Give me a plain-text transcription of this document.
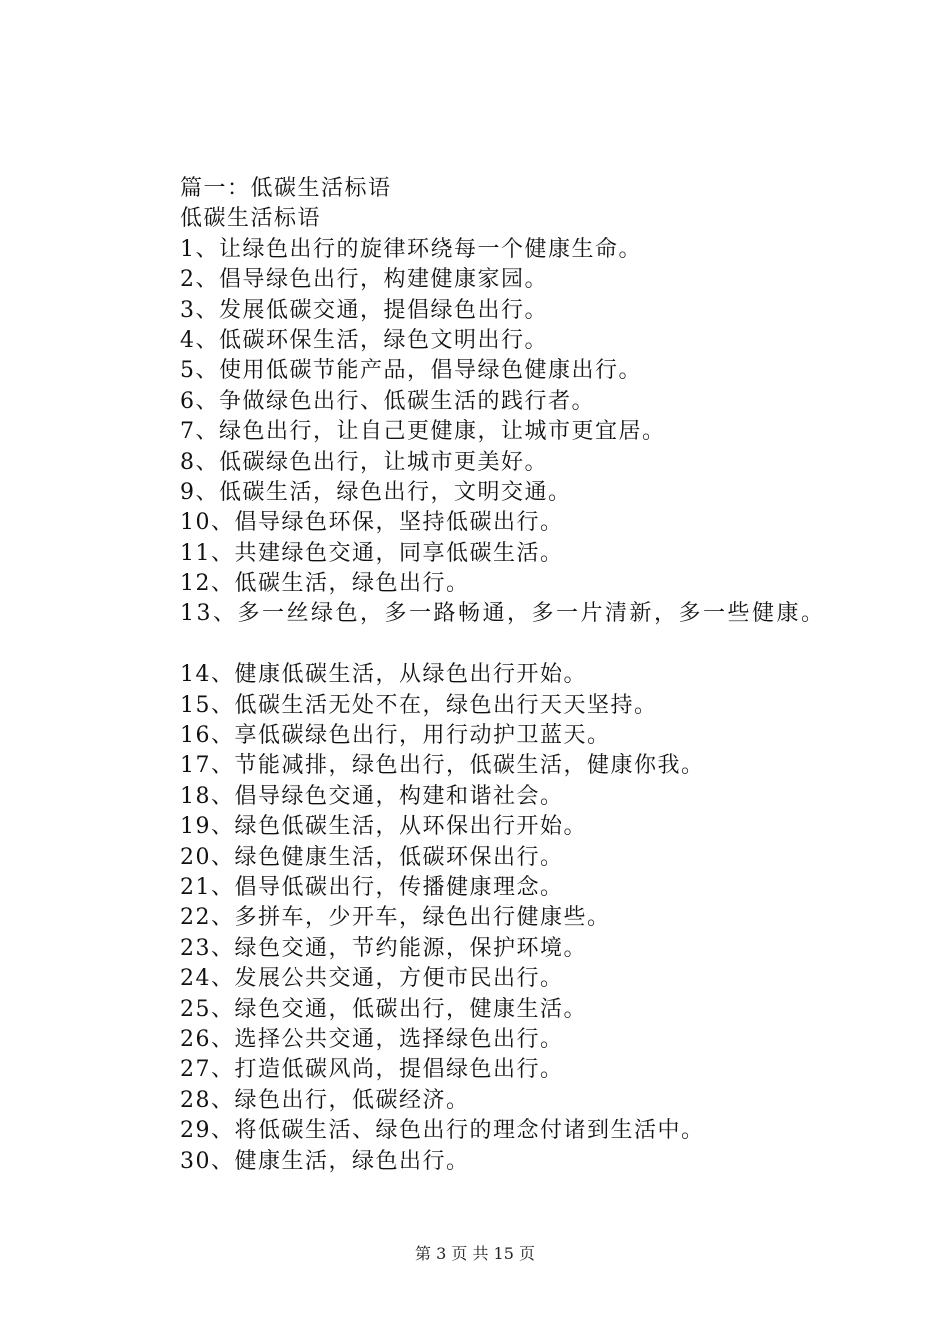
篇一：低碳生活标语
低碳生活标语
1、让绿色出行的旋律环绕每一个健康生命。
2、倡导绿色出行，构建健康家园。
3、发展低碳交通，提倡绿色出行。
4、低碳环保生活，绿色文明出行。
5、使用低碳节能产品，倡导绿色健康出行。
6、争做绿色出行、低碳生活的践行者。
7、绿色出行，让自己更健康，让城市更宜居。
8、低碳绿色出行，让城市更美好。
9、低碳生活，绿色出行，文明交通。
10、倡导绿色环保，坚持低碳出行。
11、共建绿色交通，同享低碳生活。
12、低碳生活，绿色出行。
13、多一丝绿色，多一路畅通，多一片清新，多一些健康。
14、健康低碳生活，从绿色出行开始。
15、低碳生活无处不在，绿色出行天天坚持。
16、享低碳绿色出行，用行动护卫蓝天。
17、节能减排，绿色出行，低碳生活，健康你我。
18、倡导绿色交通，构建和谐社会。
19、绿色低碳生活，从环保出行开始。
20、绿色健康生活，低碳环保出行。
21、倡导低碳出行，传播健康理念。
22、多拼车，少开车，绿色出行健康些。
23、绿色交通，节约能源，保护环境。
24、发展公共交通，方便市民出行。
25、绿色交通，低碳出行，健康生活。
26、选择公共交通，选择绿色出行。
27、打造低碳风尚，提倡绿色出行。
28、绿色出行，低碳经济。
29、将低碳生活、绿色出行的理念付诸到生活中。
30、健康生活，绿色出行。
第 3 页 共 15 页
